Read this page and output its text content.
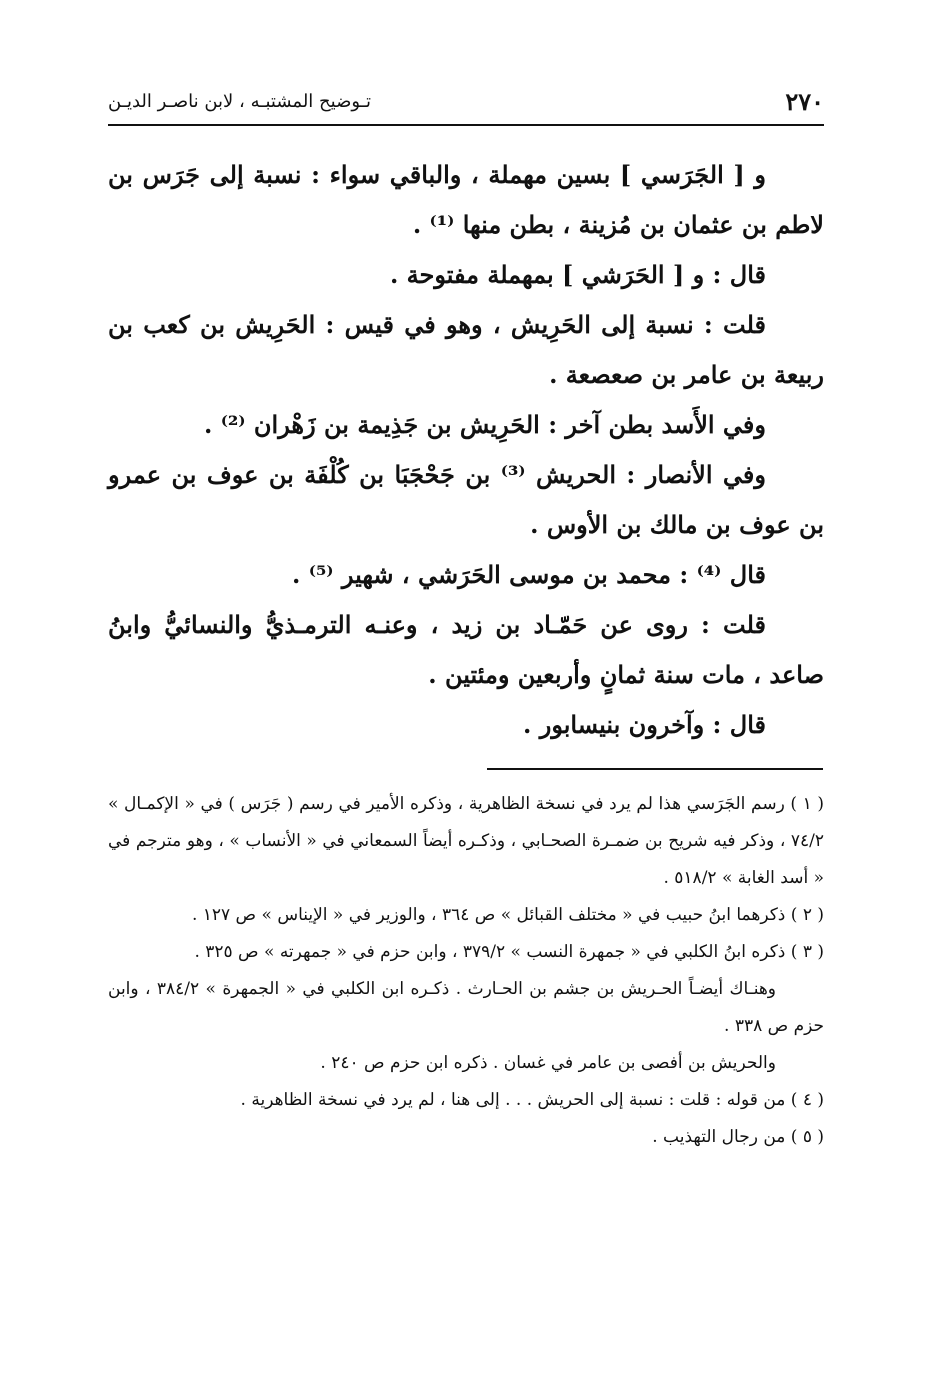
٢٧٠
تـوضيح المشتبـه ، لابن ناصـر الديـن

و [ الجَرَسي ] بسين مهملة ، والباقي سواء : نسبة إلى جَرَس بن لاطم بن عثمان بن مُزينة ، بطن منها ⁽¹⁾ .

قال : و [ الحَرَشي ] بمهملة مفتوحة .

قلت : نسبة إلى الحَرِيش ، وهو في قيس : الحَرِيش بن كعب بن ربيعة بن عامر بن صعصعة .

وفي الأَسد بطن آخر : الحَرِيش بن جَذِيمة بن زَهْران ⁽²⁾ .

وفي الأنصار : الحريش ⁽³⁾ بن جَحْجَبَا بن كُلْفَة بن عوف بن عمرو بن عوف بن مالك بن الأوس .

قال ⁽⁴⁾ : محمد بن موسى الحَرَشي ، شهير ⁽⁵⁾ .

قلت : روى عن حَمّـاد بن زيد ، وعنـه الترمـذيُّ والنسائيُّ وابنُ صاعد ، مات سنة ثمانٍ وأربعين ومئتين .

قال : وآخرون بنيسابور .

( ١ ) رسم الجَرَسي هذا لم يرد في نسخة الظاهرية ، وذكره الأمير في رسم ( جَرَس ) في « الإكمـال » ٧٤/٢ ، وذكر فيه شريح بن ضمـرة الصحـابي ، وذكـره أيضاً السمعاني في « الأنساب » ، وهو مترجم في « أسد الغابة » ٥١٨/٢ .

( ٢ ) ذكرهما ابنُ حبيب في « مختلف القبائل » ص ٣٦٤ ، والوزير في « الإيناس » ص ١٢٧ .

( ٣ ) ذكره ابنُ الكلبي في « جمهرة النسب » ٣٧٩/٢ ، وابن حزم في « جمهرته » ص ٣٢٥ .

وهنـاك أيضـاً الحـريش بن جشم بن الحـارث . ذكـره ابن الكلبي في « الجمهرة » ٣٨٤/٢ ، وابن حزم ص ٣٣٨ .

والحريش بن أفصى بن عامر في غسان . ذكره ابن حزم ص ٢٤٠ .

( ٤ ) من قوله : قلت : نسبة إلى الحريش . . . إلى هنا ، لم يرد في نسخة الظاهرية .

( ٥ ) من رجال التهذيب .
